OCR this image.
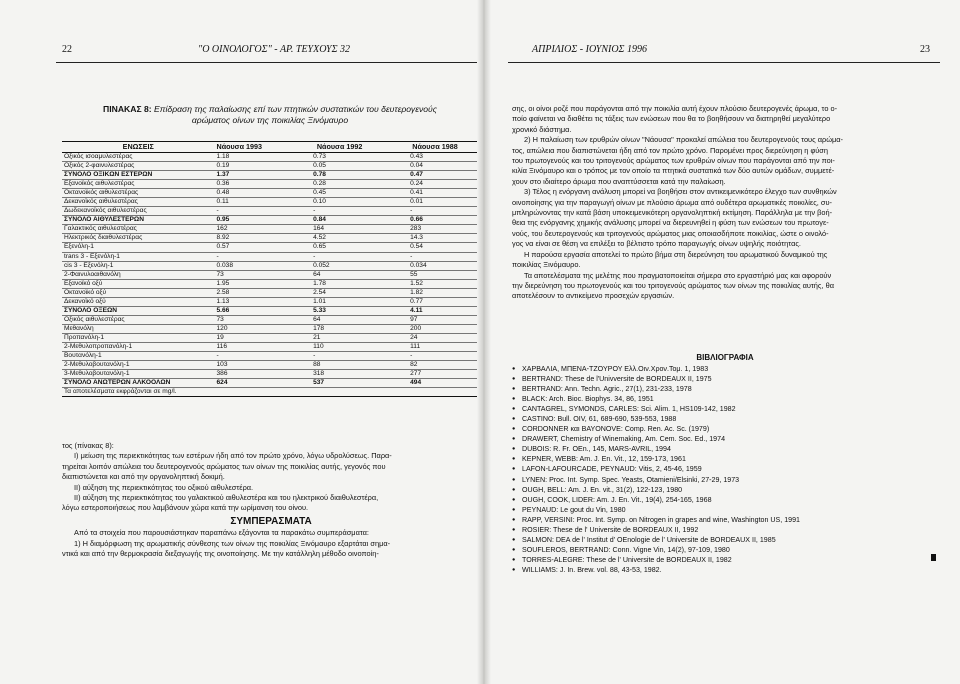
22	"Ο ΟΙΝΟΛΟΓΟΣ" - ΑΡ. ΤΕΥΧΟΥΣ 32
ΠΙΝΑΚΑΣ 8: Επίδραση της παλαίωσης επί των πτητικών συστατικών του δευτερογενούς
αρώματος οίνων της ποικιλίας Ξινόμαυρο
ΕΝΩΣΕΙΣ	Νάουσα 1993	Νάουσα 1992	Νάουσα 1988
Οξικός ισοαμυλεστέρας	1.18	0.73	0.43
Οξικός 2-φαινυλεστέρας	0.19	0.05	0.04
ΣΥΝΟΛΟ ΟΞΙΚΩΝ ΕΣΤΕΡΩΝ	1.37	0.78	0.47
Εξανοϊκός αιθυλεστέρας	0.36	0.28	0.24
Οκτανοϊκός αιθυλεστέρας	0.48	0.45	0.41
Δεκανοϊκός αιθυλεστέρας	0.11	0.10	0.01
Δωδεκανοϊκός αιθυλεστέρας	-	-	-
ΣΥΝΟΛΟ ΑΙΘΥΛΕΣΤΕΡΩΝ	0.95	0.84	0.66
Γαλακτικός αιθυλεστέρας	162	164	283
Ηλεκτρικός διαιθυλεστέρας	8.92	4.52	14.3
Εξενόλη-1	0.57	0.65	0.54
trans 3 - Εξενόλη-1	-	-	-
cis 3 - Εξενόλη-1	0.038	0.052	0.034
2-Φαινυλοαιθανόλη	73	64	55
Εξανοϊκό οξύ	1.95	1.78	1.52
Οκτανοϊκό οξύ	2.58	2.54	1.82
Δεκανοϊκό οξύ	1.13	1.01	0.77
ΣΥΝΟΛΟ ΟΞΕΩΝ	5.66	5.33	4.11
Οξικός αιθυλεστέρας	73	64	97
Μεθανόλη	120	178	200
Προπανόλη-1	19	21	24
2-Μεθυλοπροπανόλη-1	116	110	111
Βουτανόλη-1	-	-	-
2-Μεθυλοβουτανόλη-1	103	88	82
3-Μεθυλοβουτανόλη-1	386	318	277
ΣΥΝΟΛΟ ΑΝΩΤΕΡΩΝ ΑΛΚΟΟΛΩΝ	624	537	494
Τα αποτελέσματα εκφράζονται σε mg/l.			

τος (πίνακας 8):

I) μείωση της περιεκτικότητας των εστέρων ήδη από τον πρώτο χρόνο, λόγω υδρολύσεως. Παρα-

τηρείται λοιπόν απώλεια του δευτερογενούς αρώματος των οίνων της ποικιλίας αυτής, γεγονός που

διαπιστώνεται και από την οργανοληπτική δοκιμή.

II) αύξηση της περιεκτικότητας του οξικού αιθυλεστέρα.

II) αύξηση της περιεκτικότητας του γαλακτικού αιθυλεστέρα και του ηλεκτρικού διαιθυλεστέρα,

λόγω εστεροποιήσεως που λαμβάνουν χώρα κατά την ωρίμανση του οίνου.

ΣΥΜΠΕΡΑΣΜΑΤΑ

Από τα στοιχεία που παρουσιάστηκαν παραπάνω εξάγονται τα παρακάτω συμπεράσματα:

1) Η διαμόρφωση της αρωματικής σύνθεσης των οίνων της ποικιλίας Ξινόμαυρο εξαρτάται σημα-

ντικά και από την θερμοκρασία διεξαγωγής της οινοποίησης. Με την κατάλληλη μέθοδο οινοποίη-

ΑΠΡΙΛΙΟΣ - ΙΟΥΝΙΟΣ 1996	23

σης, οι οίνοι ροζέ που παράγονται από την ποικιλία αυτή έχουν πλούσιο δευτερογενές άρωμα, το ο-

ποίο φαίνεται να διαθέτει τις τάξεις των ενώσεων που θα το βοηθήσουν να διατηρηθεί μεγαλύτερο

χρονικό διάστημα.

2) Η παλαίωση των ερυθρών οίνων "Νάουσα" προκαλεί απώλεια του δευτερογενούς τους αρώμα-

τος, απώλεια που διαπιστώνεται ήδη από τον πρώτο χρόνο. Παρομένει προς διερεύνηση η φύση

του πρωτογενούς και του τριτογενούς αρώματος των ερυθρών οίνων που παράγονται από την ποι-

κιλία Ξινόμαυρο και ο τρόπος με τον οποίο τα πτητικά συστατικά των δύο αυτών ομάδων, συμμετέ-

χουν στο ιδιαίτερο άρωμα που αναπτύσσεται κατά την παλαίωση.

3) Τέλος η ενόργανη ανάλυση μπορεί να βοηθήσει στον αντικειμενικότερο έλεγχο των συνθηκών

οινοποίησης για την παραγωγή οίνων με πλούσιο άρωμα από ουδέτερα αρωματικές ποικιλίες, συ-

μπληρώνοντας την κατά βάση υποκειμενικότερη οργανοληπτική εκτίμηση. Παράλληλα με την βοή-

θεια της ενόργανης χημικής ανάλυσης μπορεί να διερευνηθεί η φύση των ενώσεων του πρωτογε-

νούς, του δευτερογενούς και τριτογενούς αρώματος μιας οποιασδήποτε ποικιλίας, ώστε ο οινολό-

γος να είναι σε θέση να επιλέξει το βέλτιστο τρόπο παραγωγής οίνων υψηλής ποιότητας.

Η παρούσα εργασία αποτελεί το πρώτο βήμα στη διερεύνηση του αρωματικού δυναμικού της

ποικιλίας Ξινόμαυρο.

Τα αποτελέσματα της μελέτης που πραγματοποιείται σήμερα στο εργαστήριό μας και αφορούν

την διερεύνηση του πρωτογενούς και του τριτογενούς αρώματος των οίνων της ποικιλίας αυτής, θα

αποτελέσουν το αντικείμενο προσεχών εργασιών.

ΒΙΒΛΙΟΓΡΑΦΙΑ
● ΧΑΡΒΑΛΙΑ, ΜΠΕΝΑ-ΤΖΟΥΡΟΥ Ελλ.Οιν.Χρον.Τομ. 1, 1983
● BERTRAND: These de l'Univversite de BORDEAUX II, 1975
● BERTRAND: Ann. Techn. Agric., 27(1), 231-233, 1978
● BLACK: Arch. Bioc. Biophys. 34, 86, 1951
● CANTAGREL, SYMONDS, CARLES: Sci. Alim. 1, HS109-142, 1982
● CASTINO: Bull. OIV, 61, 689-690, 539-553, 1988
● CORDONNER και BAYONOVE: Comp. Ren. Ac. Sc. (1979)
● DRAWERT, Chemistry of Winemaking, Am. Cem. Soc. Ed., 1974
● DUBOIS: R. Fr. OEn., 145, MARS-AVRIL, 1994
● KEPNER, WEBB: Am. J. En. Vit., 12, 159-173, 1961
● LAFON-LAFOURCADE, PEYNAUD: Vitis, 2, 45-46, 1959
● LYNEN: Proc. Int. Symp. Spec. Yeasts, Otamieni/Elsinki, 27-29, 1973
● OUGH, BELL: Am. J. En. vit., 31(2), 122-123, 1980
● OUGH, COOK, LIDER: Am. J. En. Vit., 19(4), 254-165, 1968
● PEYNAUD: Le gout du Vin, 1980
● RAPP, VERSINI: Proc. Int. Symp. on Nitrogen in grapes and wine, Washington US, 1991
● ROSIER: These de l' Universite de BORDEAUX II, 1992
● SALMON: DEA de l' Institut d' OEnologie de l' Universite de BORDEAUX II, 1985
● SOUFLEROS, BERTRAND: Conn. Vigne Vin, 14(2), 97-109, 1980
● TORRES-ALEGRE: These de l' Universite de BORDEAUX II, 1982
● WILLIAMS: J. In. Brew. vol. 88, 43-53, 1982.
